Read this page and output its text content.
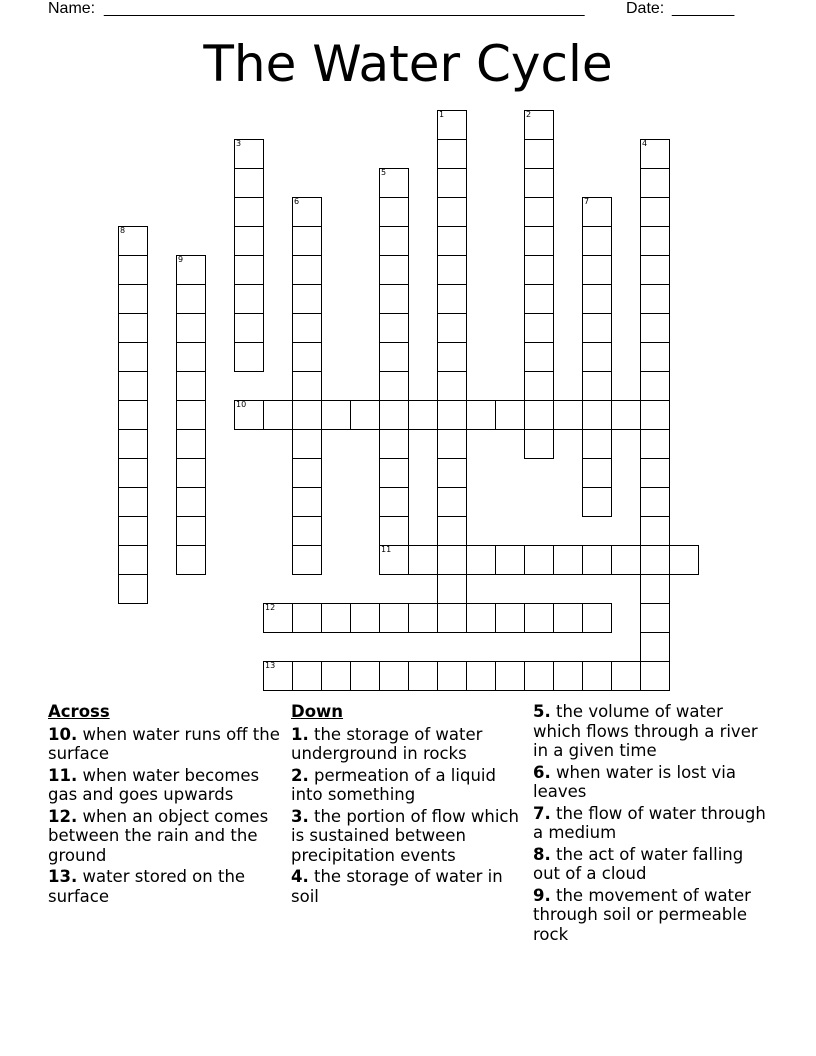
Name: ______________________________________________________	Date: _______
The Water Cycle
1	2
3	4
5
11
6	7
8
9
10
12
13
Across
10. when water runs off the surface
11. when water becomes gas and goes upwards
12. when an object comes between the rain and the ground
13. water stored on the surface
Down
1. the storage of water underground in rocks
2. permeation of a liquid into something
3. the portion of flow which is sustained between precipitation events
4. the storage of water in soil
5. the volume of water which flows through a river in a given time
6. when water is lost via leaves
7. the flow of water through a medium
8. the act of water falling out of a cloud
9. the movement of water through soil or permeable rock
